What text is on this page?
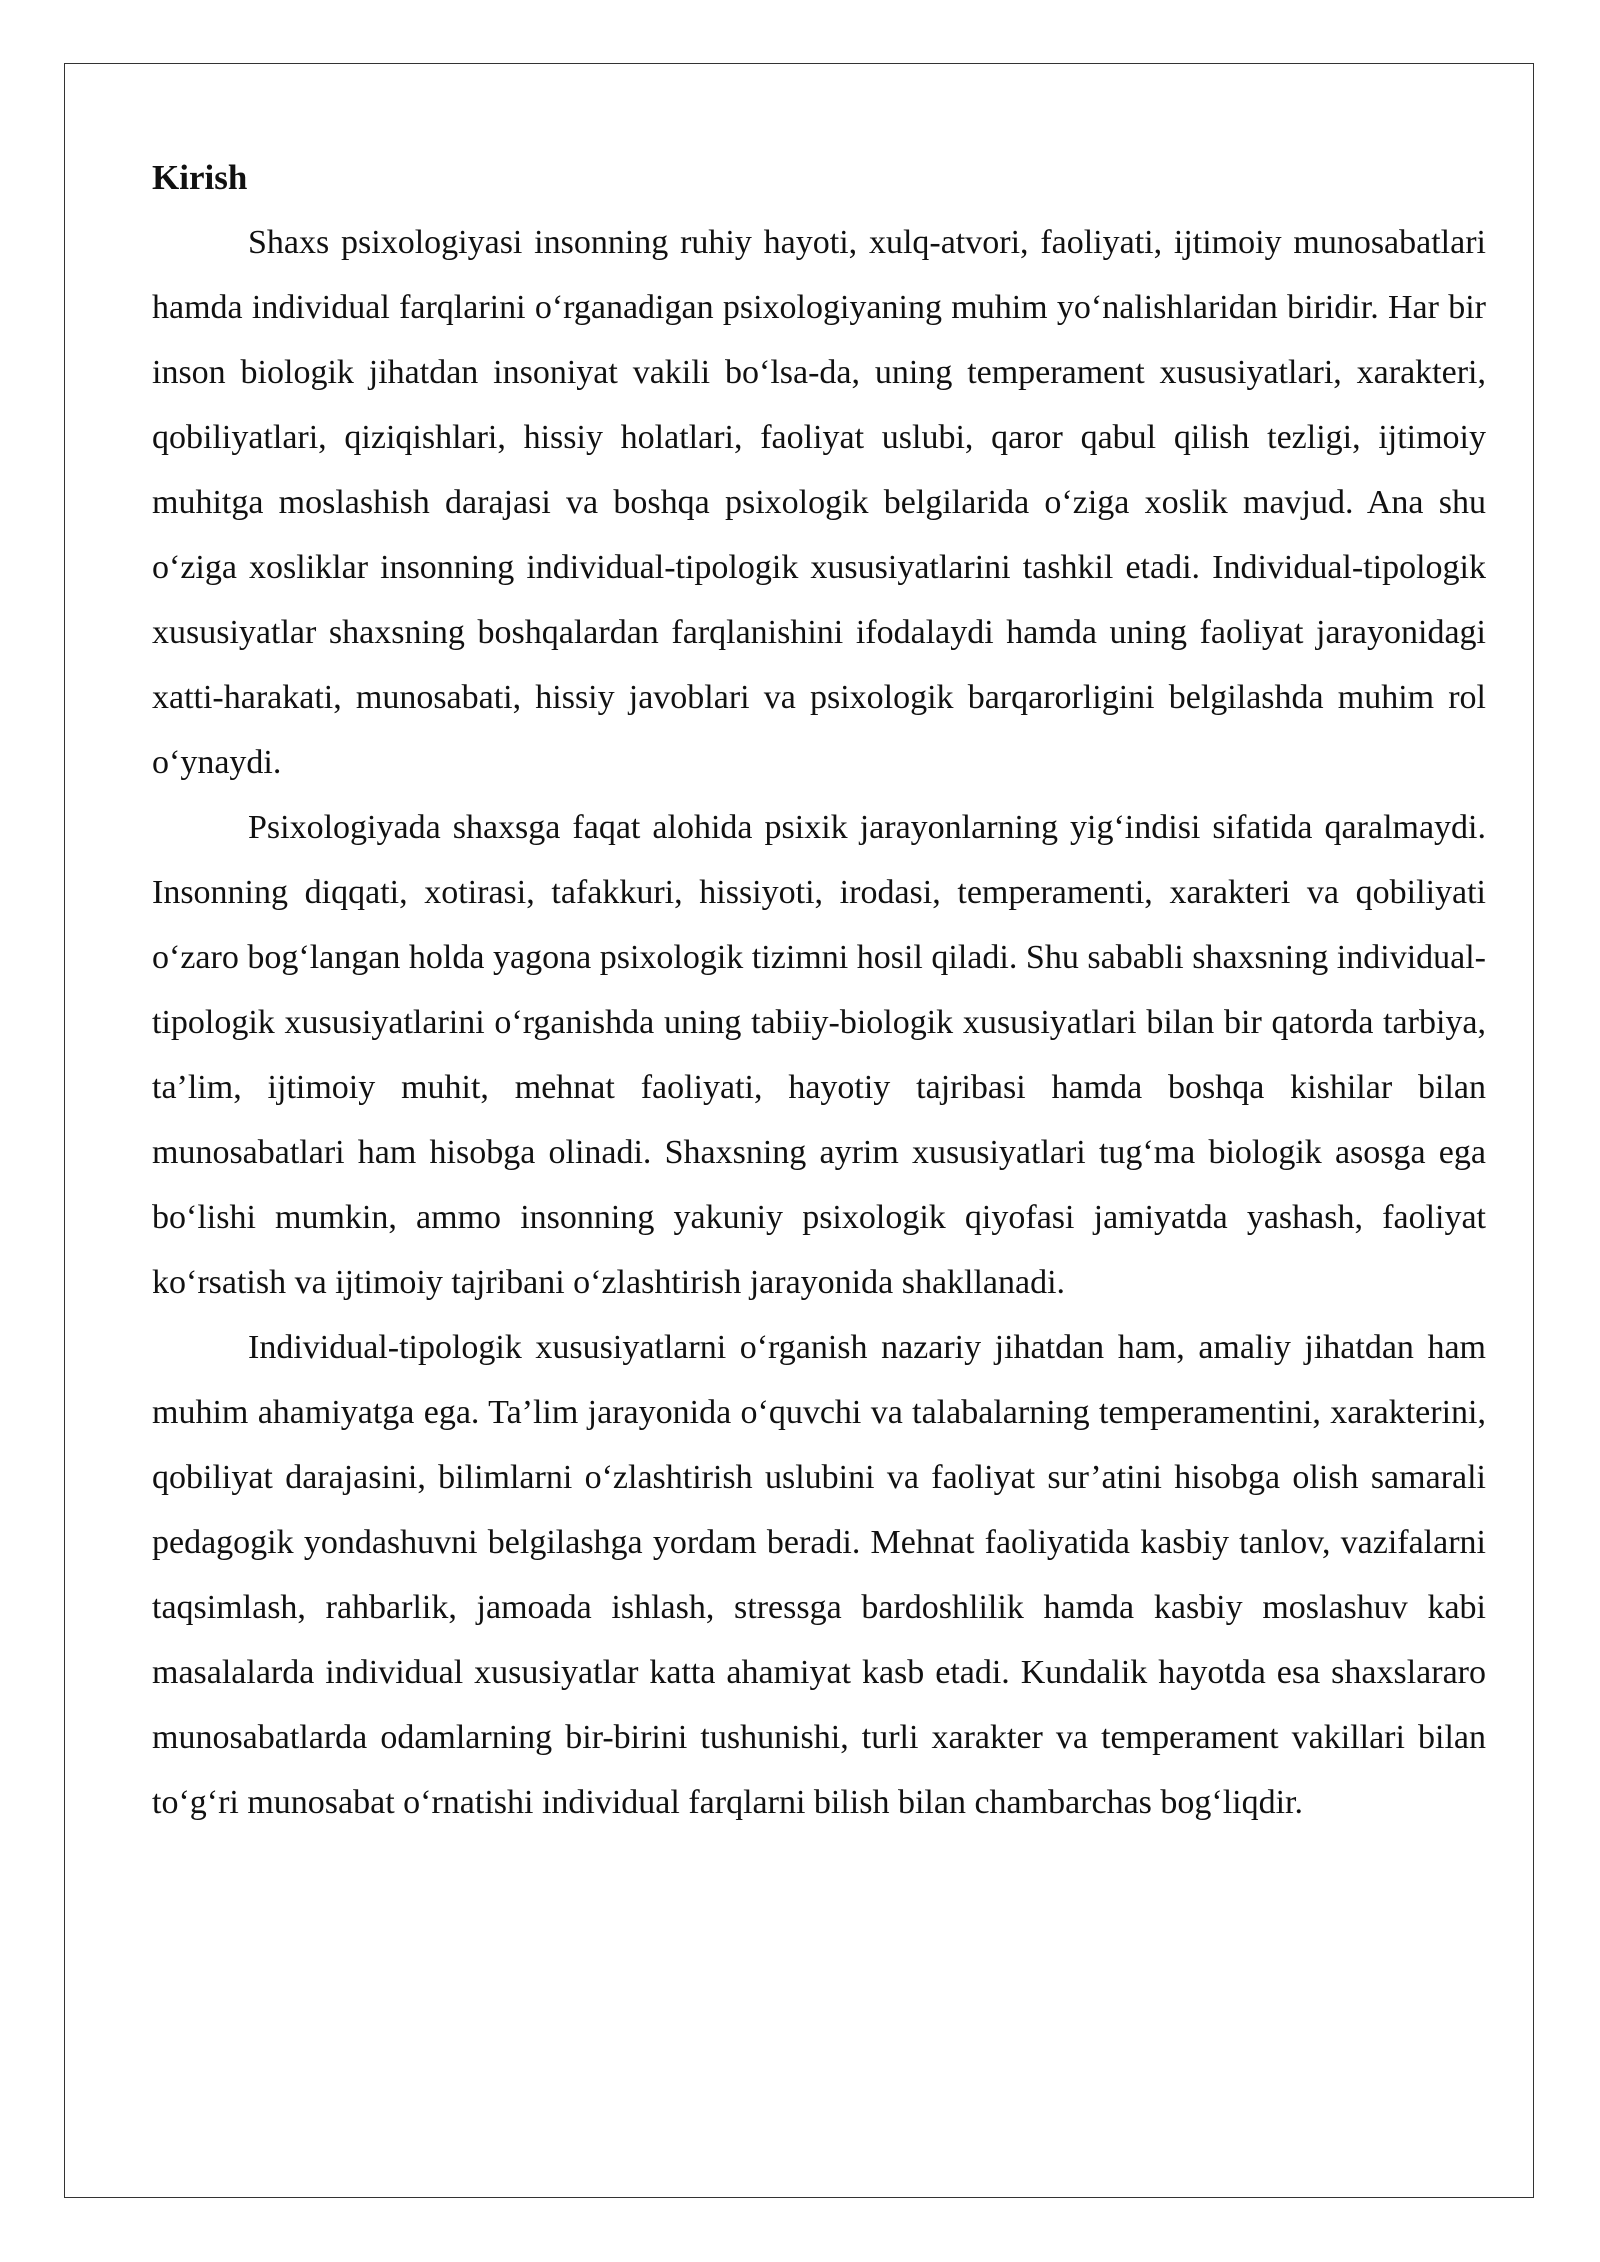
Kirish

Shaxs psixologiyasi insonning ruhiy hayoti, xulq-atvori, faoliyati, ijtimoiy munosabatlari hamda individual farqlarini o‘rganadigan psixologiyaning muhim yo‘nalishlaridan biridir. Har bir inson biologik jihatdan insoniyat vakili bo‘lsa-da, uning temperament xususiyatlari, xarakteri, qobiliyatlari, qiziqishlari, hissiy holatlari, faoliyat uslubi, qaror qabul qilish tezligi, ijtimoiy muhitga moslashish darajasi va boshqa psixologik belgilarida o‘ziga xoslik mavjud. Ana shu o‘ziga xosliklar insonning individual-tipologik xususiyatlarini tashkil etadi. Individual-tipologik xususiyatlar shaxsning boshqalardan farqlanishini ifodalaydi hamda uning faoliyat jarayonidagi xatti-harakati, munosabati, hissiy javoblari va psixologik barqarorligini belgilashda muhim rol o‘ynaydi.

Psixologiyada shaxsga faqat alohida psixik jarayonlarning yig‘indisi sifatida qaralmaydi. Insonning diqqati, xotirasi, tafakkuri, hissiyoti, irodasi, temperamenti, xarakteri va qobiliyati o‘zaro bog‘langan holda yagona psixologik tizimni hosil qiladi. Shu sababli shaxsning individual-tipologik xususiyatlarini o‘rganishda uning tabiiy-biologik xususiyatlari bilan bir qatorda tarbiya, ta’lim, ijtimoiy muhit, mehnat faoliyati, hayotiy tajribasi hamda boshqa kishilar bilan munosabatlari ham hisobga olinadi. Shaxsning ayrim xususiyatlari tug‘ma biologik asosga ega bo‘lishi mumkin, ammo insonning yakuniy psixologik qiyofasi jamiyatda yashash, faoliyat ko‘rsatish va ijtimoiy tajribani o‘zlashtirish jarayonida shakllanadi.

Individual-tipologik xususiyatlarni o‘rganish nazariy jihatdan ham, amaliy jihatdan ham muhim ahamiyatga ega. Ta’lim jarayonida o‘quvchi va talabalarning temperamentini, xarakterini, qobiliyat darajasini, bilimlarni o‘zlashtirish uslubini va faoliyat sur’atini hisobga olish samarali pedagogik yondashuvni belgilashga yordam beradi. Mehnat faoliyatida kasbiy tanlov, vazifalarni taqsimlash, rahbarlik, jamoada ishlash, stressga bardoshlilik hamda kasbiy moslashuv kabi masalalarda individual xususiyatlar katta ahamiyat kasb etadi. Kundalik hayotda esa shaxslararo munosabatlarda odamlarning bir-birini tushunishi, turli xarakter va temperament vakillari bilan to‘g‘ri munosabat o‘rnatishi individual farqlarni bilish bilan chambarchas bog‘liqdir.
